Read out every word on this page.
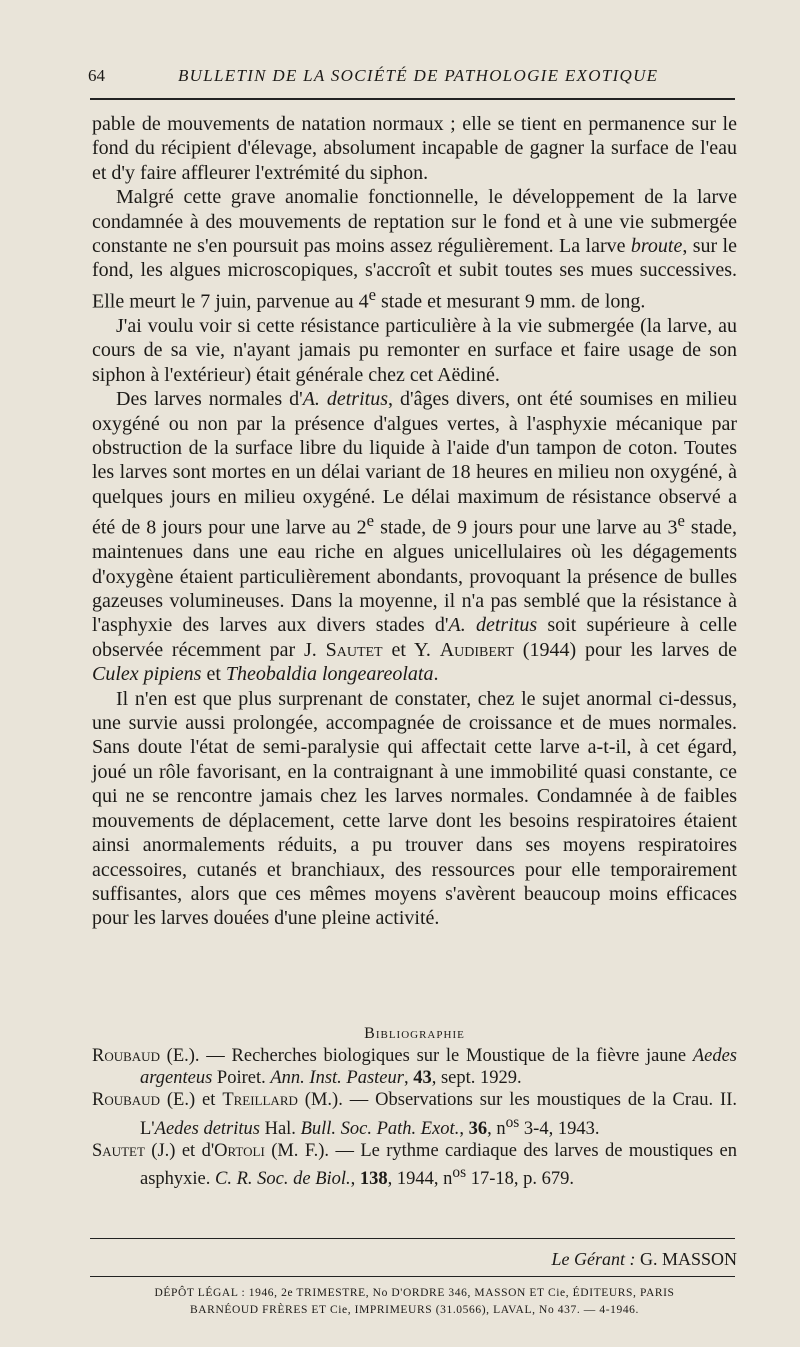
64	BULLETIN DE LA SOCIÉTÉ DE PATHOLOGIE EXOTIQUE

pable de mouvements de natation normaux ; elle se tient en permanence sur le fond du récipient d'élevage, absolument incapable de gagner la surface de l'eau et d'y faire affleurer l'extrémité du siphon.

Malgré cette grave anomalie fonctionnelle, le développement de la larve condamnée à des mouvements de reptation sur le fond et à une vie submergée constante ne s'en poursuit pas moins assez régulièrement. La larve broute, sur le fond, les algues microscopiques, s'accroît et subit toutes ses mues successives. Elle meurt le 7 juin, parvenue au 4e stade et mesurant 9 mm. de long.

J'ai voulu voir si cette résistance particulière à la vie submergée (la larve, au cours de sa vie, n'ayant jamais pu remonter en surface et faire usage de son siphon à l'extérieur) était générale chez cet Aëdiné.

Des larves normales d'A. detritus, d'âges divers, ont été soumises en milieu oxygéné ou non par la présence d'algues vertes, à l'asphyxie mécanique par obstruction de la surface libre du liquide à l'aide d'un tampon de coton. Toutes les larves sont mortes en un délai variant de 18 heures en milieu non oxygéné, à quelques jours en milieu oxygéné. Le délai maximum de résistance observé a été de 8 jours pour une larve au 2e stade, de 9 jours pour une larve au 3e stade, maintenues dans une eau riche en algues unicellulaires où les dégagements d'oxygène étaient particulièrement abondants, provoquant la présence de bulles gazeuses volumineuses. Dans la moyenne, il n'a pas semblé que la résistance à l'asphyxie des larves aux divers stades d'A. detritus soit supérieure à celle observée récemment par J. Sautet et Y. Audibert (1944) pour les larves de Culex pipiens et Theobaldia longeareolata.

Il n'en est que plus surprenant de constater, chez le sujet anormal ci-dessus, une survie aussi prolongée, accompagnée de croissance et de mues normales. Sans doute l'état de semi-paralysie qui affectait cette larve a-t-il, à cet égard, joué un rôle favorisant, en la contraignant à une immobilité quasi constante, ce qui ne se rencontre jamais chez les larves normales. Condamnée à de faibles mouvements de déplacement, cette larve dont les besoins respiratoires étaient ainsi anormalements réduits, a pu trouver dans ses moyens respiratoires accessoires, cutanés et branchiaux, des ressources pour elle temporairement suffisantes, alors que ces mêmes moyens s'avèrent beaucoup moins efficaces pour les larves douées d'une pleine activité.

Bibliographie

Roubaud (E.). — Recherches biologiques sur le Moustique de la fièvre jaune Aedes argenteus Poiret. Ann. Inst. Pasteur, 43, sept. 1929.

Roubaud (E.) et Treillard (M.). — Observations sur les moustiques de la Crau. II. L'Aedes detritus Hal. Bull. Soc. Path. Exot., 36, $n^{os}$ 3-4, 1943.

Sautet (J.) et d'Ortoli (M. F.). — Le rythme cardiaque des larves de moustiques en asphyxie. C. R. Soc. de Biol., 138, 1944, $n^{os}$ 17-18, p. 679.

Le Gérant : G. MASSON
DÉPÔT LÉGAL : 1946, 2e TRIMESTRE, No D'ORDRE 346, MASSON ET Cie, ÉDITEURS, PARIS
BARNÉOUD FRÈRES ET Cie, IMPRIMEURS (31.0566), LAVAL, No 437. — 4-1946.
